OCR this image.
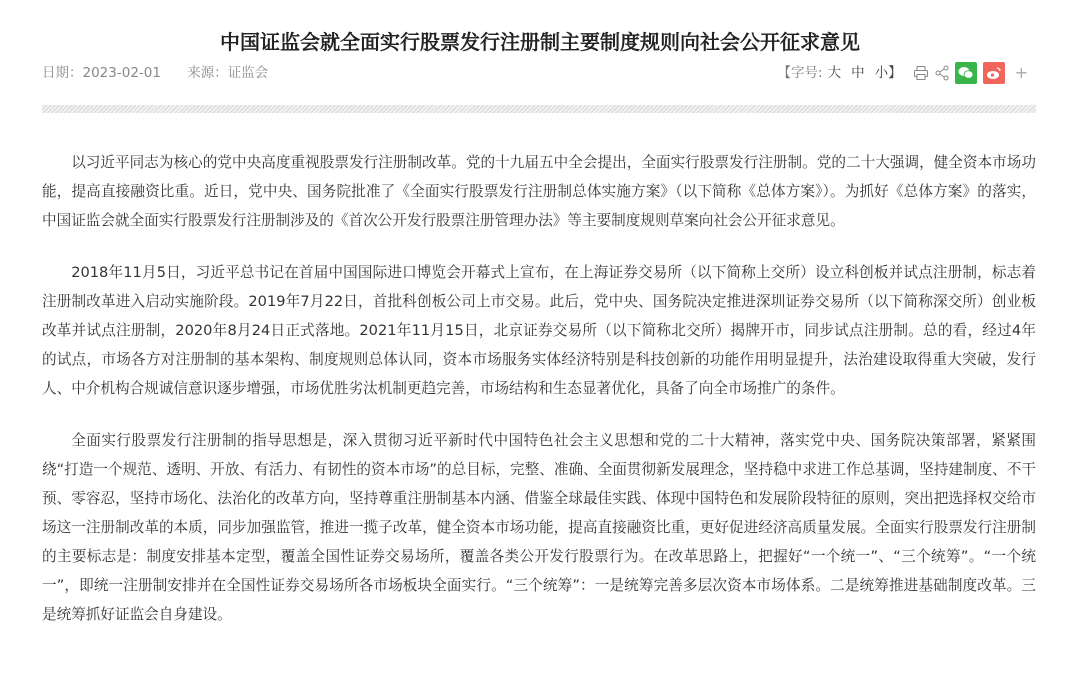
中国证监会就全面实行股票发行注册制主要制度规则向社会公开征求意见
日期：2023-02-01 来源：证监会	【字号: 大 中 小】	+

以习近平同志为核心的党中央高度重视股票发行注册制改革。党的十九届五中全会提出，全面实行股票发行注册制。党的二十大强调，健全资本市场功能，提高直接融资比重。近日，党中央、国务院批准了《全面实行股票发行注册制总体实施方案》（以下简称《总体方案》）。为抓好《总体方案》的落实，中国证监会就全面实行股票发行注册制涉及的《首次公开发行股票注册管理办法》等主要制度规则草案向社会公开征求意见。

2018年11月5日，习近平总书记在首届中国国际进口博览会开幕式上宣布，在上海证券交易所（以下简称上交所）设立科创板并试点注册制，标志着注册制改革进入启动实施阶段。2019年7月22日，首批科创板公司上市交易。此后，党中央、国务院决定推进深圳证券交易所（以下简称深交所）创业板改革并试点注册制，2020年8月24日正式落地。2021年11月15日，北京证券交易所（以下简称北交所）揭牌开市，同步试点注册制。总的看，经过4年的试点，市场各方对注册制的基本架构、制度规则总体认同，资本市场服务实体经济特别是科技创新的功能作用明显提升，法治建设取得重大突破，发行人、中介机构合规诚信意识逐步增强，市场优胜劣汰机制更趋完善，市场结构和生态显著优化，具备了向全市场推广的条件。

全面实行股票发行注册制的指导思想是，深入贯彻习近平新时代中国特色社会主义思想和党的二十大精神，落实党中央、国务院决策部署，紧紧围绕“打造一个规范、透明、开放、有活力、有韧性的资本市场”的总目标，完整、准确、全面贯彻新发展理念，坚持稳中求进工作总基调，坚持建制度、不干预、零容忍，坚持市场化、法治化的改革方向，坚持尊重注册制基本内涵、借鉴全球最佳实践、体现中国特色和发展阶段特征的原则，突出把选择权交给市场这一注册制改革的本质，同步加强监管，推进一揽子改革，健全资本市场功能，提高直接融资比重，更好促进经济高质量发展。全面实行股票发行注册制的主要标志是：制度安排基本定型，覆盖全国性证券交易场所，覆盖各类公开发行股票行为。在改革思路上，把握好“一个统一”、“三个统筹”。“一个统一”，即统一注册制安排并在全国性证券交易场所各市场板块全面实行。“三个统筹”：一是统筹完善多层次资本市场体系。二是统筹推进基础制度改革。三是统筹抓好证监会自身建设。
